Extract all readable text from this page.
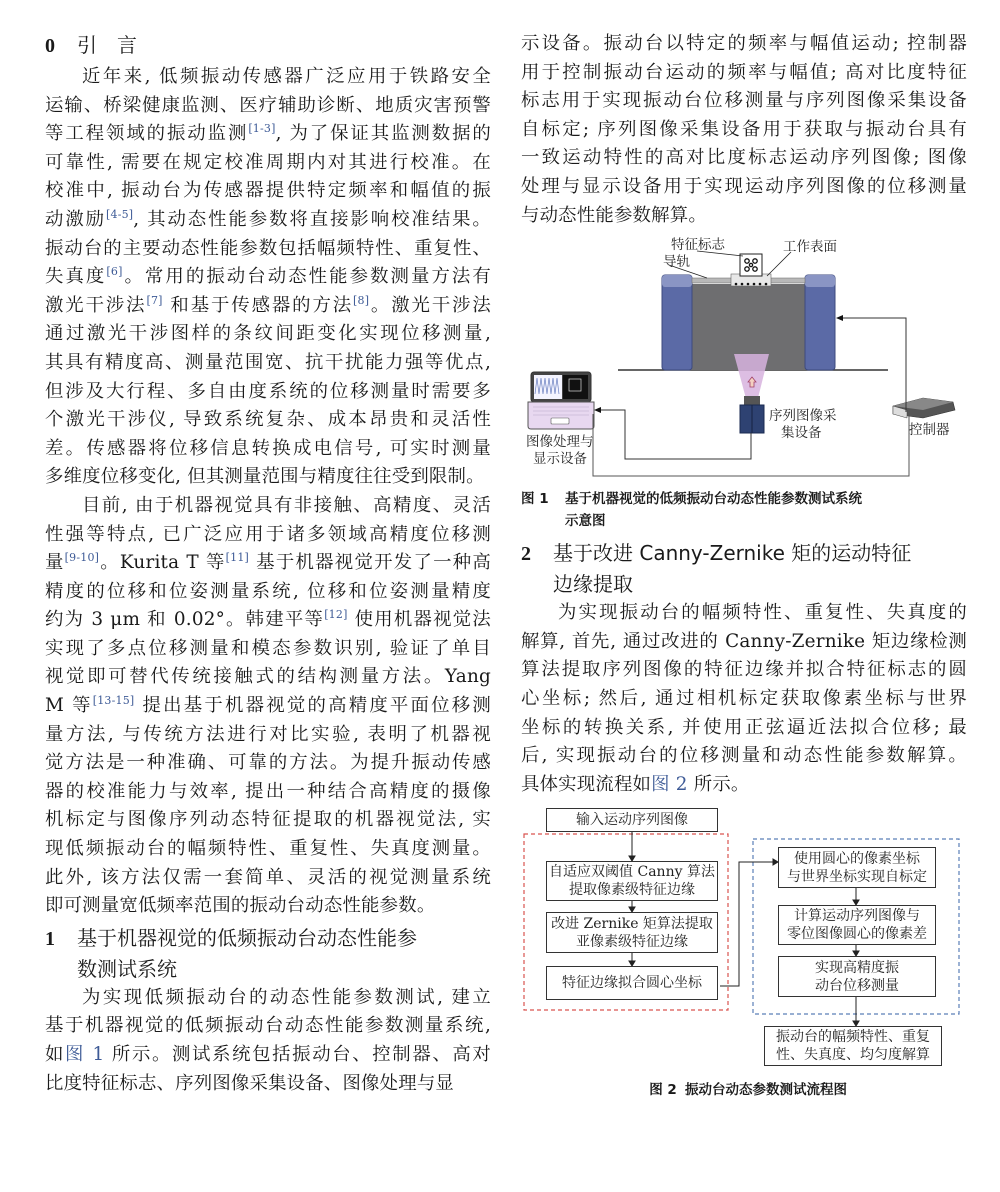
0 引　言
近年来, 低频振动传感器广泛应用于铁路安全
运输、桥梁健康监测、医疗辅助诊断、地质灾害预警
等工程领域的振动监测[1-3], 为了保证其监测数据的
可靠性, 需要在规定校准周期内对其进行校准。在
校准中, 振动台为传感器提供特定频率和幅值的振
动激励[4-5], 其动态性能参数将直接影响校准结果。
振动台的主要动态性能参数包括幅频特性、重复性、
失真度[6]。常用的振动台动态性能参数测量方法有
激光干涉法[7] 和基于传感器的方法[8]。激光干涉法
通过激光干涉图样的条纹间距变化实现位移测量,
其具有精度高、测量范围宽、抗干扰能力强等优点,
但涉及大行程、多自由度系统的位移测量时需要多
个激光干涉仪, 导致系统复杂、成本昂贵和灵活性
差。传感器将位移信息转换成电信号, 可实时测量
多维度位移变化, 但其测量范围与精度往往受到限制。
目前, 由于机器视觉具有非接触、高精度、灵活
性强等特点, 已广泛应用于诸多领域高精度位移测
量[9-10]。Kurita T 等[11] 基于机器视觉开发了一种高
精度的位移和位姿测量系统, 位移和位姿测量精度
约为 3 μm 和 0.02°。韩建平等[12] 使用机器视觉法
实现了多点位移测量和模态参数识别, 验证了单目
视觉即可替代传统接触式的结构测量方法。Yang
M 等[13-15] 提出基于机器视觉的高精度平面位移测
量方法, 与传统方法进行对比实验, 表明了机器视
觉方法是一种准确、可靠的方法。为提升振动传感
器的校准能力与效率, 提出一种结合高精度的摄像
机标定与图像序列动态特征提取的机器视觉法, 实
现低频振动台的幅频特性、重复性、失真度测量。
此外, 该方法仅需一套简单、灵活的视觉测量系统
即可测量宽低频率范围的振动台动态性能参数。
1 基于机器视觉的低频振动台动态性能参
数测试系统
为实现低频振动台的动态性能参数测试, 建立
基于机器视觉的低频振动台动态性能参数测量系统,
如图 1 所示。测试系统包括振动台、控制器、高对
比度特征标志、序列图像采集设备、图像处理与显
示设备。振动台以特定的频率与幅值运动; 控制器
用于控制振动台运动的频率与幅值; 高对比度特征
标志用于实现振动台位移测量与序列图像采集设备
自标定; 序列图像采集设备用于获取与振动台具有
一致运动特性的高对比度标志运动序列图像; 图像
处理与显示设备用于实现运动序列图像的位移测量
与动态性能参数解算。
特征标志	工作表面
导轨
序列图像采
集设备
图像处理与
显示设备
控制器
图 1 基于机器视觉的低频振动台动态性能参数测试系统
示意图
2 基于改进 Canny-Zernike 矩的运动特征
边缘提取
为实现振动台的幅频特性、重复性、失真度的
解算, 首先, 通过改进的 Canny-Zernike 矩边缘检测
算法提取序列图像的特征边缘并拟合特征标志的圆
心坐标; 然后, 通过相机标定获取像素坐标与世界
坐标的转换关系, 并使用正弦逼近法拟合位移; 最
后, 实现振动台的位移测量和动态性能参数解算。
具体实现流程如图 2 所示。
输入运动序列图像
自适应双阈值 Canny 算法
提取像素级特征边缘
改进 Zernike 矩算法提取
亚像素级特征边缘
特征边缘拟合圆心坐标
使用圆心的像素坐标
与世界坐标实现自标定
计算运动序列图像与
零位图像圆心的像素差
实现高精度振
动台位移测量
振动台的幅频特性、重复
性、失真度、均匀度解算
图 2 振动台动态参数测试流程图
